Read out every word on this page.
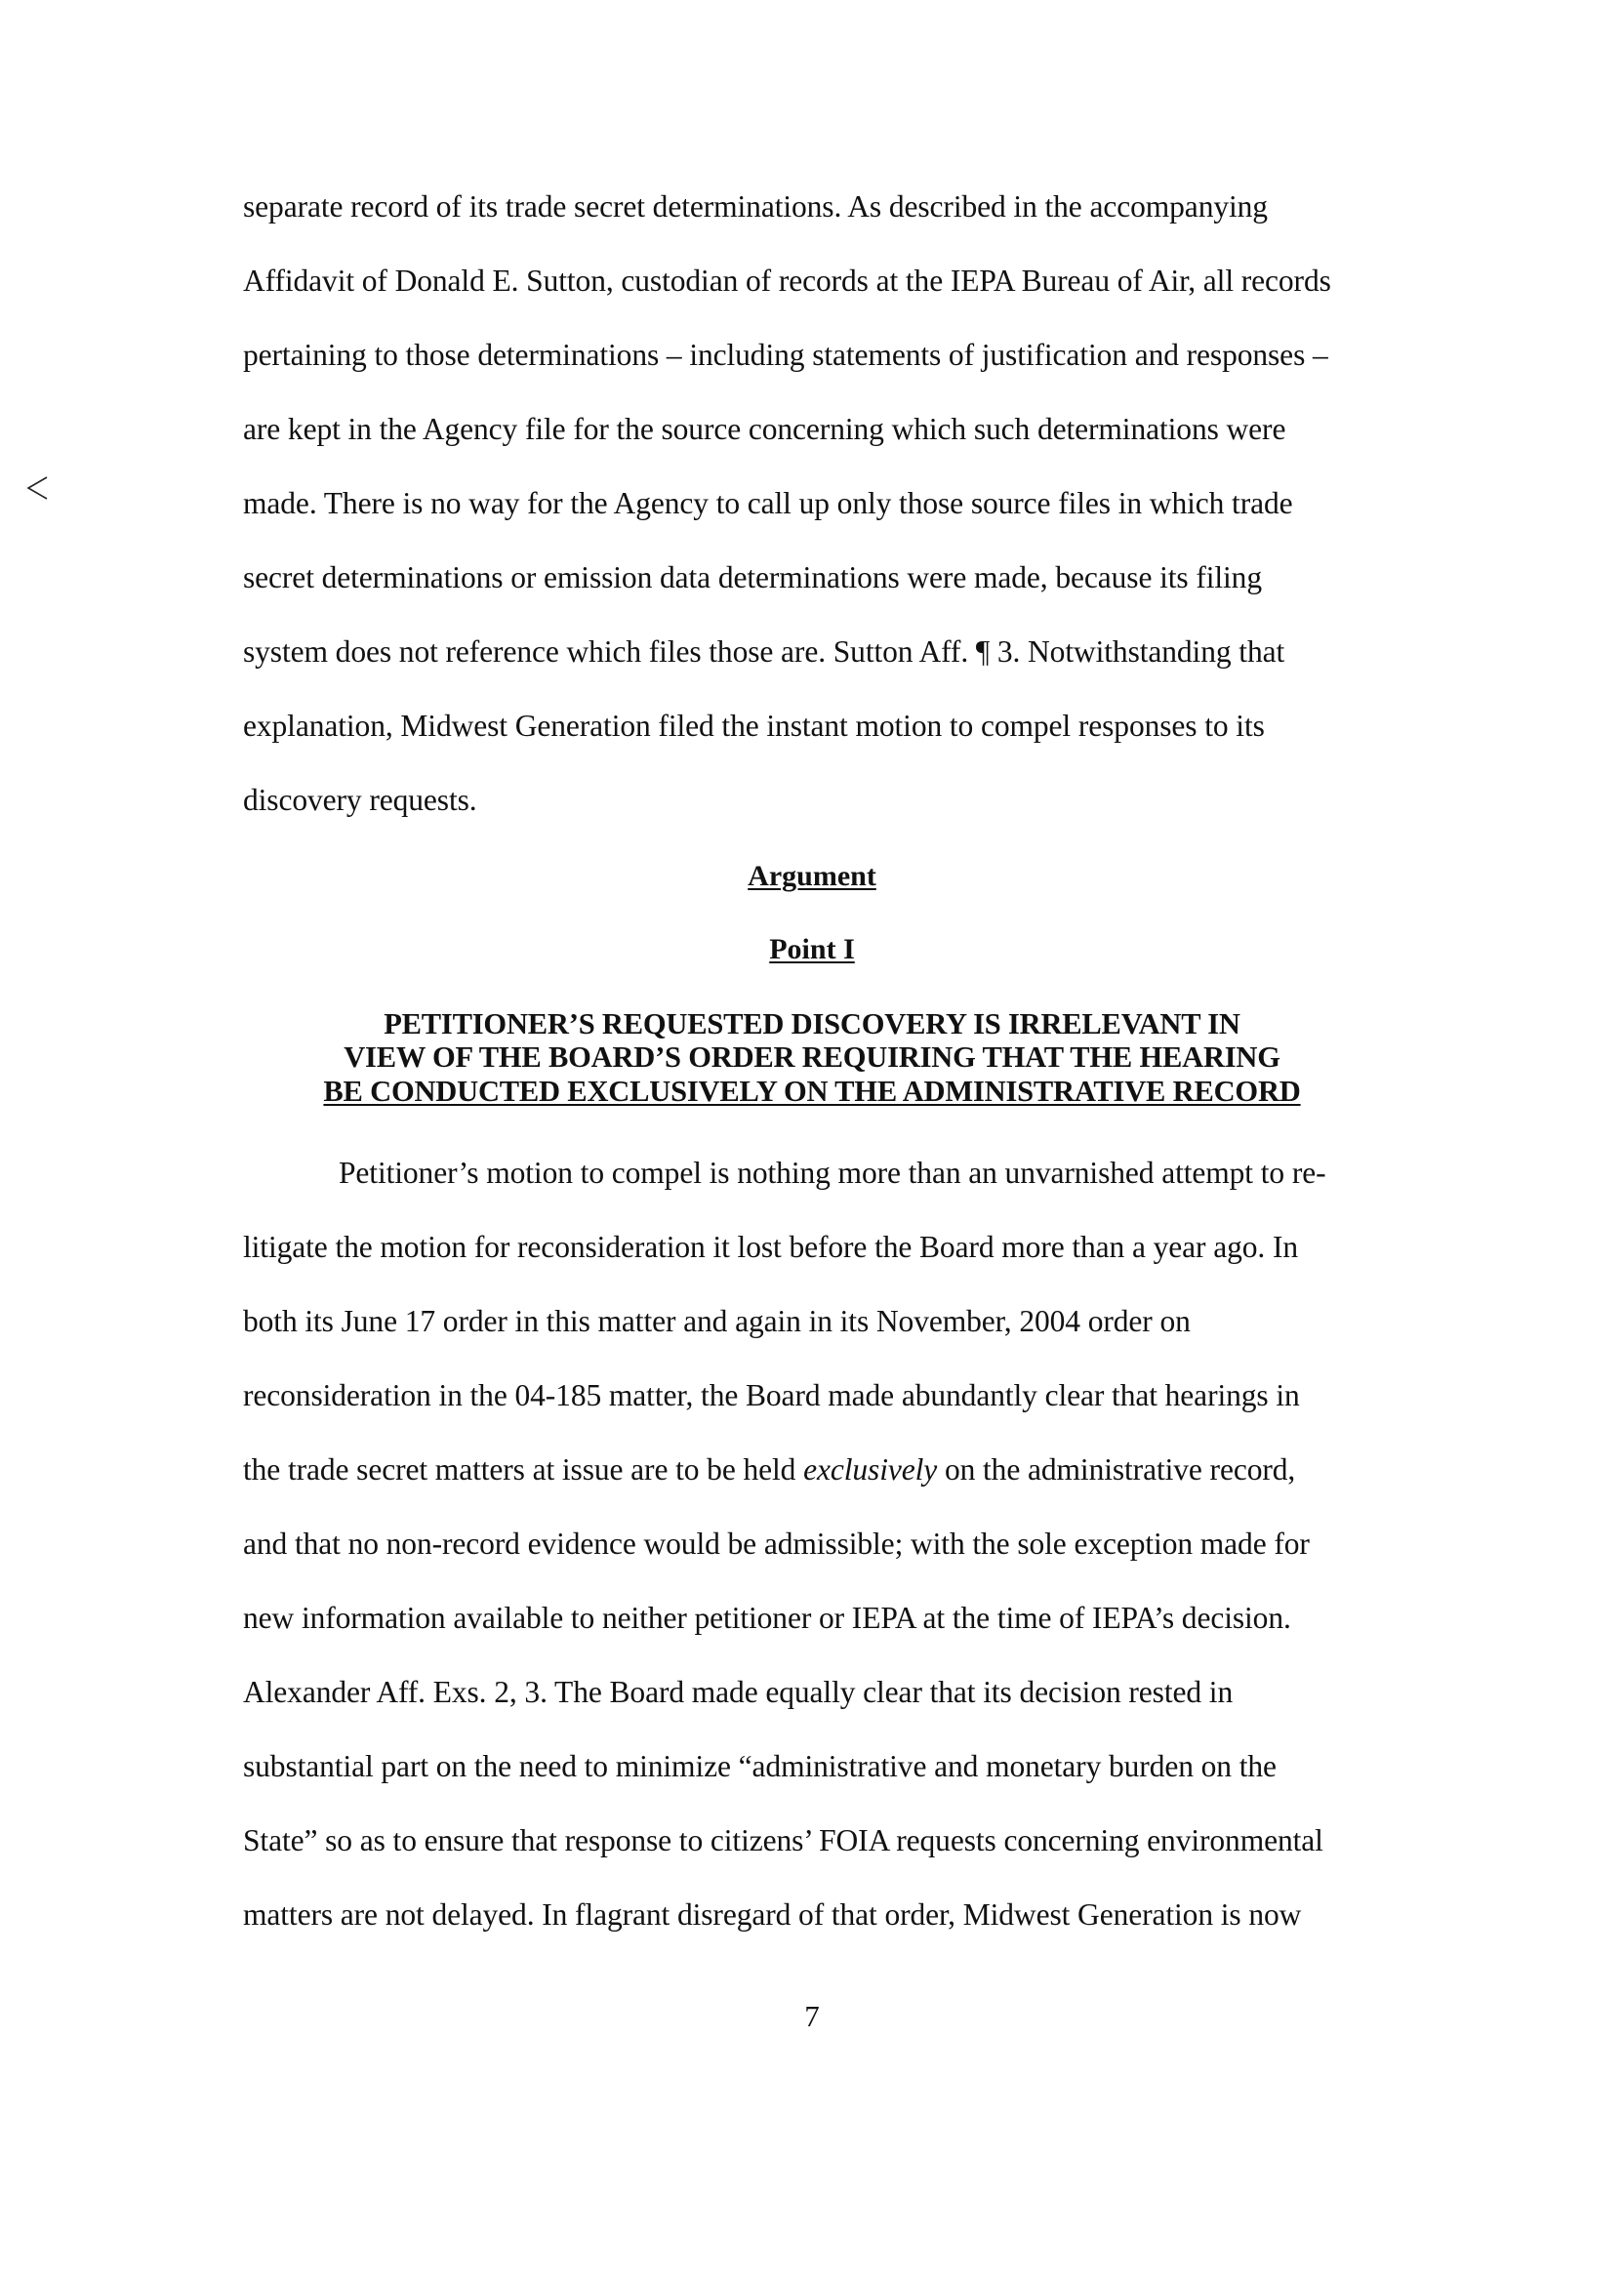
separate record of its trade secret determinations. As described in the accompanying
Affidavit of Donald E. Sutton, custodian of records at the IEPA Bureau of Air, all records
pertaining to those determinations – including statements of justification and responses –
are kept in the Agency file for the source concerning which such determinations were
made. There is no way for the Agency to call up only those source files in which trade
secret determinations or emission data determinations were made, because its filing
system does not reference which files those are. Sutton Aff. ¶ 3. Notwithstanding that
explanation, Midwest Generation filed the instant motion to compel responses to its
discovery requests.
Argument
Point I
PETITIONER’S REQUESTED DISCOVERY IS IRRELEVANT IN
VIEW OF THE BOARD’S ORDER REQUIRING THAT THE HEARING
BE CONDUCTED EXCLUSIVELY ON THE ADMINISTRATIVE RECORD
Petitioner’s motion to compel is nothing more than an unvarnished attempt to re-
litigate the motion for reconsideration it lost before the Board more than a year ago. In
both its June 17 order in this matter and again in its November, 2004 order on
reconsideration in the 04-185 matter, the Board made abundantly clear that hearings in
the trade secret matters at issue are to be held exclusively on the administrative record,
and that no non-record evidence would be admissible; with the sole exception made for
new information available to neither petitioner or IEPA at the time of IEPA’s decision.
Alexander Aff. Exs. 2, 3. The Board made equally clear that its decision rested in
substantial part on the need to minimize “administrative and monetary burden on the
State” so as to ensure that response to citizens’ FOIA requests concerning environmental
matters are not delayed. In flagrant disregard of that order, Midwest Generation is now
7
